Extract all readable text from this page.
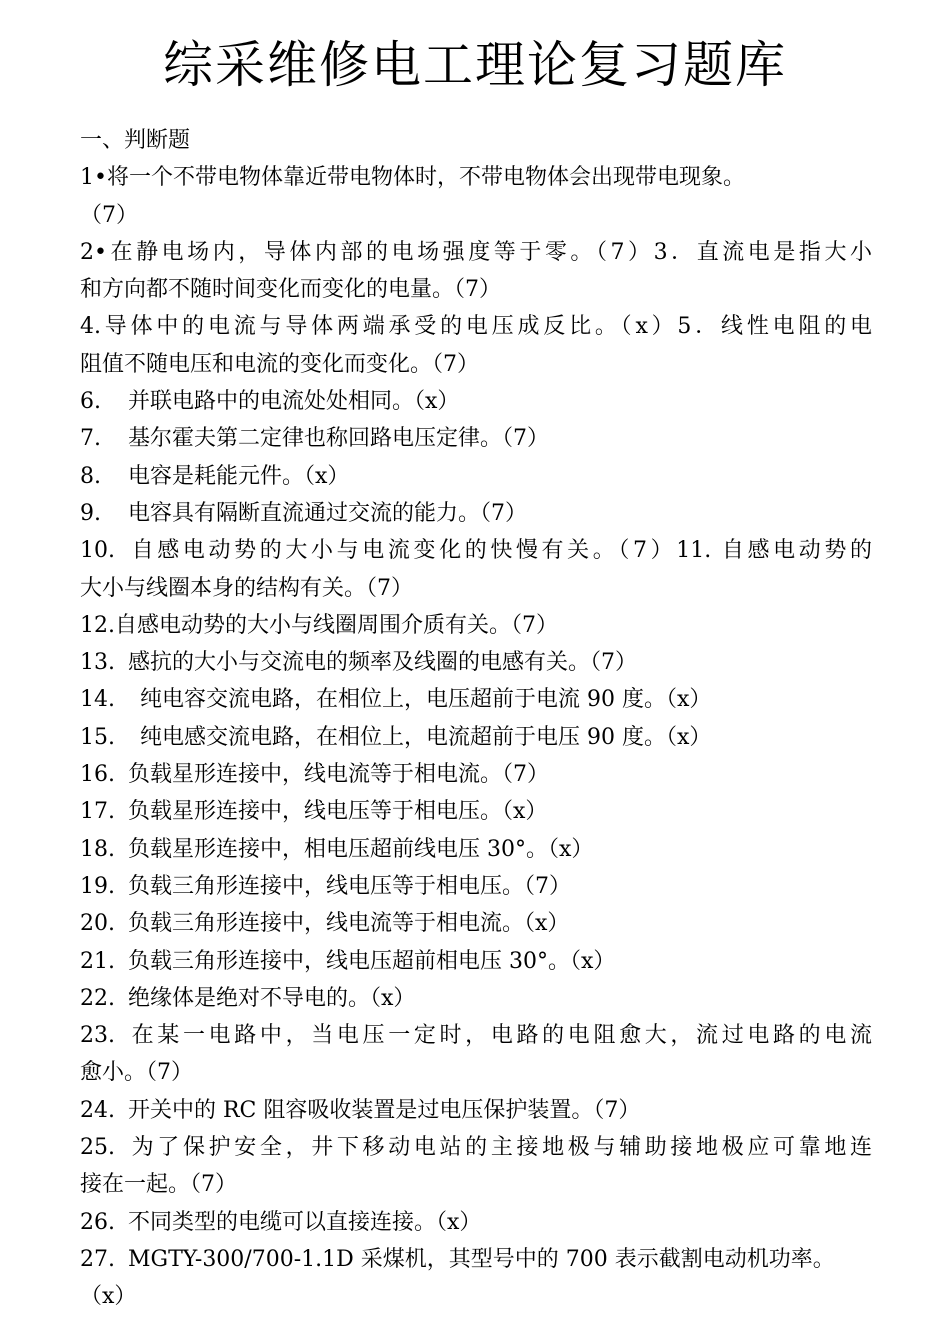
综采维修电工理论复习题库
一、判断题
1•将一个不带电物体靠近带电物体时，不带电物体会出现带电现象。
（7）
2•在静电场内，导体内部的电场强度等于零。（7）3．直流电是指大小
和方向都不随时间变化而变化的电量。（7）
4.导体中的电流与导体两端承受的电压成反比。（x）5．线性电阻的电
阻值不随电压和电流的变化而变化。（7）
6. 并联电路中的电流处处相同。（x）
7. 基尔霍夫第二定律也称回路电压定律。（7）
8. 电容是耗能元件。（x）
9. 电容具有隔断直流通过交流的能力。（7）
10. 自感电动势的大小与电流变化的快慢有关。（7）11. 自感电动势的
大小与线圈本身的结构有关。（7）
12.自感电动势的大小与线圈周围介质有关。（7）
13. 感抗的大小与交流电的频率及线圈的电感有关。（7）
14. 纯电容交流电路，在相位上，电压超前于电流 90 度。（x）
15. 纯电感交流电路，在相位上，电流超前于电压 90 度。（x）
16. 负载星形连接中，线电流等于相电流。（7）
17. 负载星形连接中，线电压等于相电压。（x）
18. 负载星形连接中，相电压超前线电压 30°。（x）
19. 负载三角形连接中，线电压等于相电压。（7）
20. 负载三角形连接中，线电流等于相电流。（x）
21. 负载三角形连接中，线电压超前相电压 30°。（x）
22. 绝缘体是绝对不导电的。（x）
23. 在某一电路中，当电压一定时，电路的电阻愈大，流过电路的电流
愈小。（7）
24. 开关中的 RC 阻容吸收装置是过电压保护装置。（7）
25. 为了保护安全，井下移动电站的主接地极与辅助接地极应可靠地连
接在一起。（7）
26. 不同类型的电缆可以直接连接。（x）
27. MGTY-300/700-1.1D 采煤机，其型号中的 700 表示截割电动机功率。
（x）
